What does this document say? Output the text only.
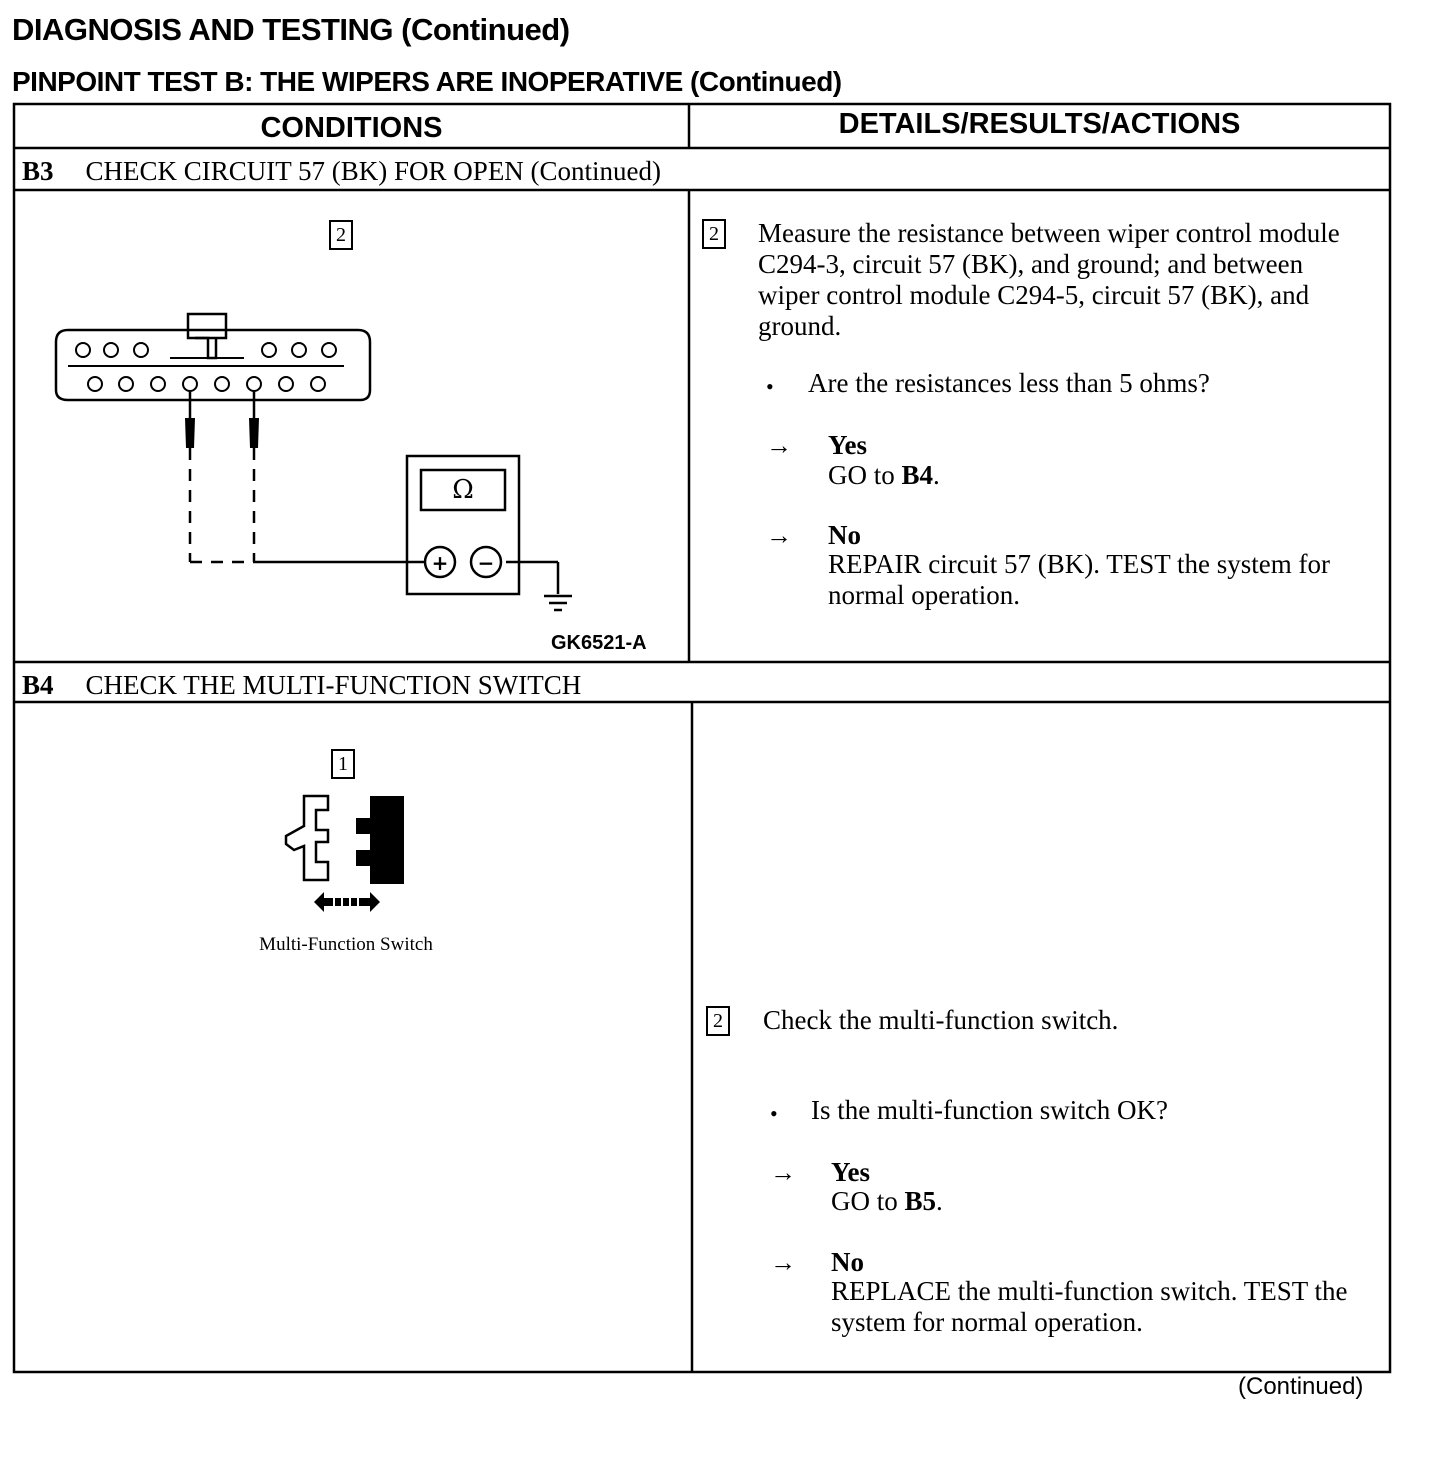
DIAGNOSIS AND TESTING (Continued)
PINPOINT TEST B: THE WIPERS ARE INOPERATIVE (Continued)
CONDITIONS	DETAILS/RESULTS/ACTIONS
B3 CHECK CIRCUIT 57 (BK) FOR OPEN (Continued)
2
Ω
+ −
GK6521-A
2 Measure the resistance between wiper control module C294-3, circuit 57 (BK), and ground; and between wiper control module C294-5, circuit 57 (BK), and ground.
• Are the resistances less than 5 ohms?
→ Yes
GO to B4.
→ No
REPAIR circuit 57 (BK). TEST the system for normal operation.
B4 CHECK THE MULTI-FUNCTION SWITCH
1
Multi-Function Switch
2 Check the multi-function switch.
• Is the multi-function switch OK?
→ Yes
GO to B5.
→ No
REPLACE the multi-function switch. TEST the system for normal operation.
(Continued)
